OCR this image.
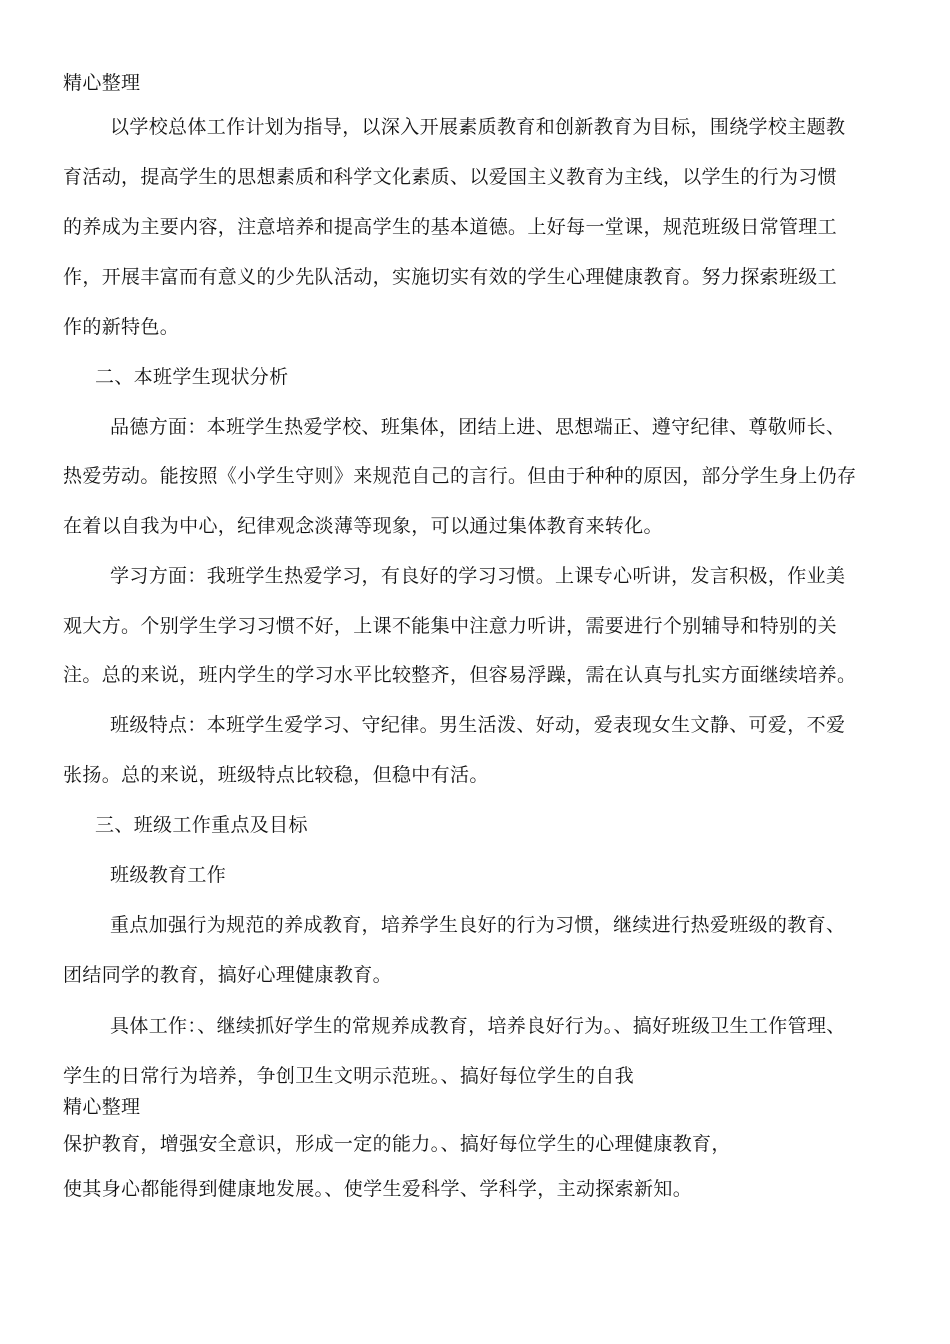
精心整理
以学校总体工作计划为指导，以深入开展素质教育和创新教育为目标，围绕学校主题教
育活动，提高学生的思想素质和科学文化素质、以爱国主义教育为主线，以学生的行为习惯
的养成为主要内容，注意培养和提高学生的基本道德。上好每一堂课，规范班级日常管理工
作，开展丰富而有意义的少先队活动，实施切实有效的学生心理健康教育。努力探索班级工
作的新特色。
二、本班学生现状分析
品德方面：本班学生热爱学校、班集体，团结上进、思想端正、遵守纪律、尊敬师长、
热爱劳动。能按照《小学生守则》来规范自己的言行。但由于种种的原因，部分学生身上仍存
在着以自我为中心，纪律观念淡薄等现象，可以通过集体教育来转化。
学习方面：我班学生热爱学习，有良好的学习习惯。上课专心听讲，发言积极，作业美
观大方。个别学生学习习惯不好，上课不能集中注意力听讲，需要进行个别辅导和特别的关
注。总的来说，班内学生的学习水平比较整齐，但容易浮躁，需在认真与扎实方面继续培养。
班级特点：本班学生爱学习、守纪律。男生活泼、好动，爱表现女生文静、可爱，不爱
张扬。总的来说，班级特点比较稳，但稳中有活。
三、班级工作重点及目标
班级教育工作
重点加强行为规范的养成教育，培养学生良好的行为习惯，继续进行热爱班级的教育、
团结同学的教育，搞好心理健康教育。
具体工作：、继续抓好学生的常规养成教育，培养良好行为。、搞好班级卫生工作管理、
学生的日常行为培养，争创卫生文明示范班。、搞好每位学生的自我
精心整理
保护教育，增强安全意识，形成一定的能力。、搞好每位学生的心理健康教育，
使其身心都能得到健康地发展。、使学生爱科学、学科学，主动探索新知。
